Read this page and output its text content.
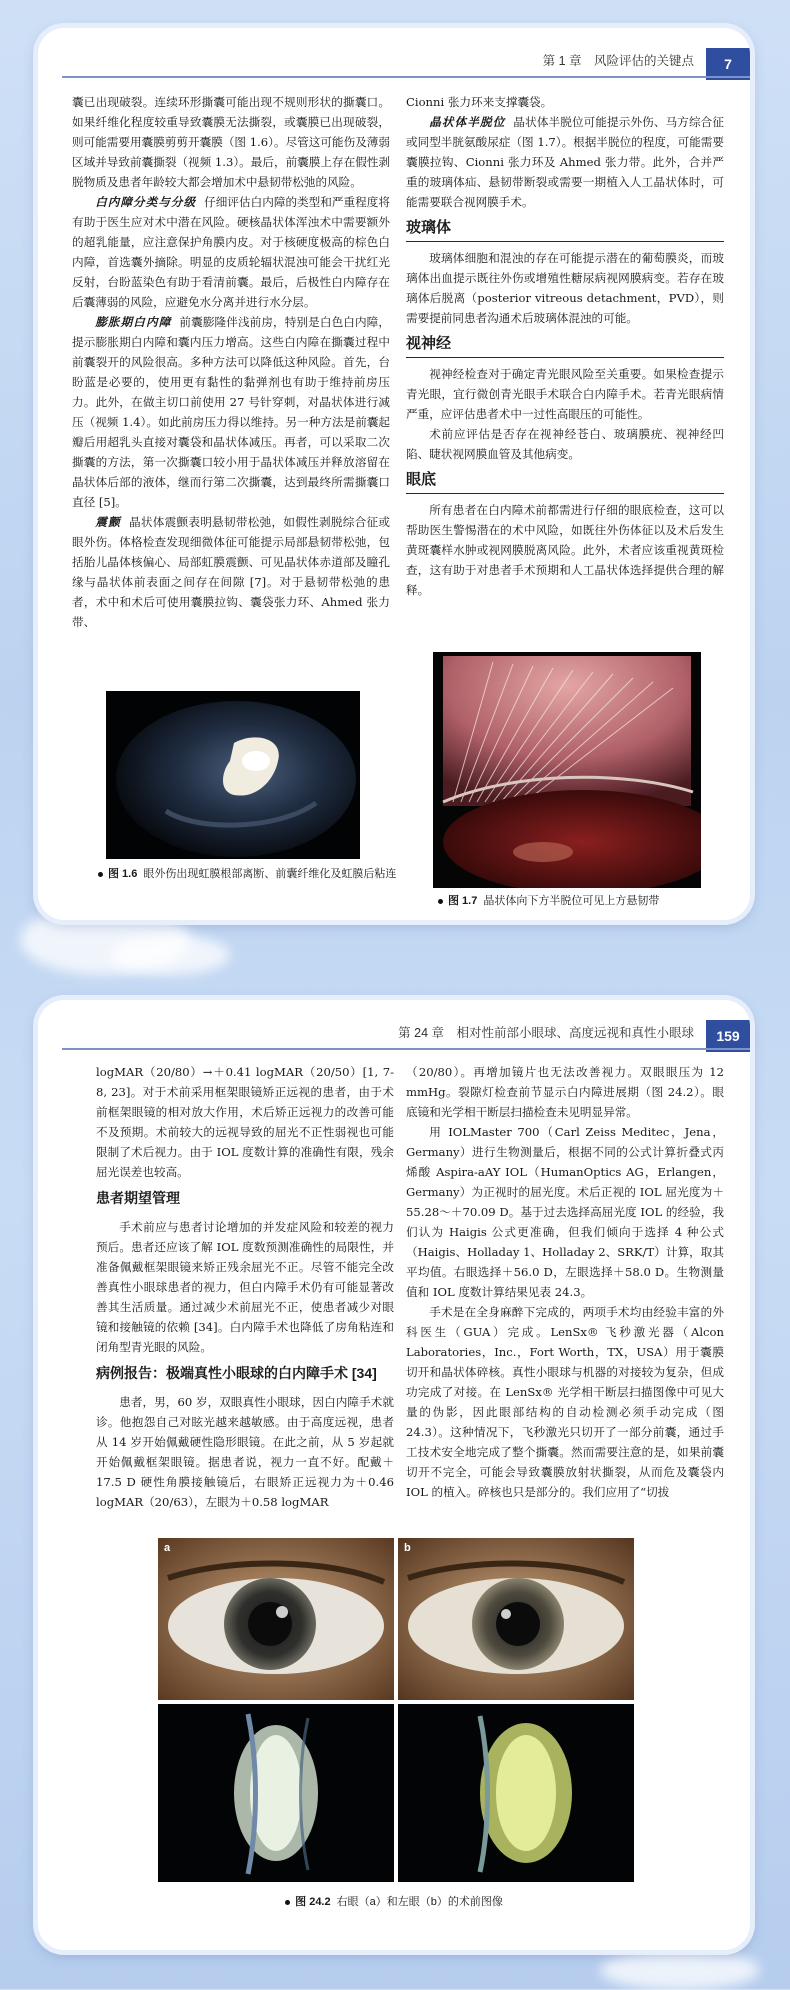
第 1 章　风险评估的关键点	7

囊已出现破裂。连续环形撕囊可能出现不规则形状的撕囊口。如果纤维化程度较重导致囊膜无法撕裂，或囊膜已出现破裂，则可能需要用囊膜剪剪开囊膜（图 1.6）。尽管这可能伤及薄弱区域并导致前囊撕裂（视频 1.3）。最后，前囊膜上存在假性剥脱物质及患者年龄较大都会增加术中悬韧带松弛的风险。

白内障分类与分级 仔细评估白内障的类型和严重程度将有助于医生应对术中潜在风险。硬核晶状体浑浊术中需要额外的超乳能量，应注意保护角膜内皮。对于核硬度极高的棕色白内障，首选囊外摘除。明显的皮质轮辐状混浊可能会干扰红光反射，台盼蓝染色有助于看清前囊。最后，后极性白内障存在后囊薄弱的风险，应避免水分离并进行水分层。

膨胀期白内障 前囊膨隆伴浅前房，特别是白色白内障，提示膨胀期白内障和囊内压力增高。这些白内障在撕囊过程中前囊裂开的风险很高。多种方法可以降低这种风险。首先，台盼蓝是必要的，使用更有黏性的黏弹剂也有助于维持前房压力。此外，在做主切口前使用 27 号针穿刺，对晶状体进行减压（视频 1.4）。如此前房压力得以维持。另一种方法是前囊起瓣后用超乳头直接对囊袋和晶状体减压。再者，可以采取二次撕囊的方法，第一次撕囊口较小用于晶状体减压并释放溶留在晶状体后部的液体，继而行第二次撕囊，达到最终所需撕囊口直径 [5]。

震颤 晶状体震颤表明悬韧带松弛，如假性剥脱综合征或眼外伤。体格检查发现细微体征可能提示局部悬韧带松弛，包括胎儿晶体核偏心、局部虹膜震颤、可见晶状体赤道部及瞳孔缘与晶状体前表面之间存在间隙 [7]。对于悬韧带松弛的患者，术中和术后可使用囊膜拉钩、囊袋张力环、Ahmed 张力带、

图 1.6 眼外伤出现虹膜根部离断、前囊纤维化及虹膜后粘连

Cionni 张力环来支撑囊袋。

晶状体半脱位 晶状体半脱位可能提示外伤、马方综合征或同型半胱氨酸尿症（图 1.7）。根据半脱位的程度，可能需要囊膜拉钩、Cionni 张力环及 Ahmed 张力带。此外，合并严重的玻璃体疝、悬韧带断裂或需要一期植入人工晶状体时，可能需要联合视网膜手术。

玻璃体

玻璃体细胞和混浊的存在可能提示潜在的葡萄膜炎，而玻璃体出血提示既往外伤或增殖性糖尿病视网膜病变。若存在玻璃体后脱离（posterior vitreous detachment，PVD），则需要提前同患者沟通术后玻璃体混浊的可能。

视神经

视神经检查对于确定青光眼风险至关重要。如果检查提示青光眼，宜行微创青光眼手术联合白内障手术。若青光眼病情严重，应评估患者术中一过性高眼压的可能性。

术前应评估是否存在视神经苍白、玻璃膜疣、视神经凹陷、睫状视网膜血管及其他病变。

眼底

所有患者在白内障术前都需进行仔细的眼底检查，这可以帮助医生警惕潜在的术中风险，如既往外伤体征以及术后发生黄斑囊样水肿或视网膜脱离风险。此外，术者应该重视黄斑检查，这有助于对患者手术预期和人工晶状体选择提供合理的解释。

图 1.7 晶状体向下方半脱位可见上方悬韧带
第 24 章　相对性前部小眼球、高度远视和真性小眼球	159

logMAR（20/80）→＋0.41 logMAR（20/50）[1, 7-8, 23]。对于术前采用框架眼镜矫正远视的患者，由于术前框架眼镜的相对放大作用，术后矫正远视力的改善可能不及预期。术前较大的远视导致的屈光不正性弱视也可能限制了术后视力。由于 IOL 度数计算的准确性有限，残余屈光误差也较高。

患者期望管理

手术前应与患者讨论增加的并发症风险和较差的视力预后。患者还应该了解 IOL 度数预测准确性的局限性，并准备佩戴框架眼镜来矫正残余屈光不正。尽管不能完全改善真性小眼球患者的视力，但白内障手术仍有可能显著改善其生活质量。通过减少术前屈光不正，使患者减少对眼镜和接触镜的依赖 [34]。白内障手术也降低了房角粘连和闭角型青光眼的风险。

病例报告：极端真性小眼球的白内障手术 [34]

患者，男，60 岁，双眼真性小眼球，因白内障手术就诊。他抱怨自己对眩光越来越敏感。由于高度远视，患者从 14 岁开始佩戴硬性隐形眼镜。在此之前，从 5 岁起就开始佩戴框架眼镜。据患者说，视力一直不好。配戴＋17.5 D 硬性角膜接触镜后，右眼矫正远视力为＋0.46 logMAR（20/63），左眼为＋0.58 logMAR

（20/80）。再增加镜片也无法改善视力。双眼眼压为 12 mmHg。裂隙灯检查前节显示白内障进展期（图 24.2）。眼底镜和光学相干断层扫描检查未见明显异常。

用 IOLMaster 700（Carl Zeiss Meditec，Jena，Germany）进行生物测量后，根据不同的公式计算折叠式丙烯酸 Aspira-aAY IOL（HumanOptics AG，Erlangen，Germany）为正视时的屈光度。术后正视的 IOL 屈光度为＋55.28～＋70.09 D。基于过去选择高屈光度 IOL 的经验，我们认为 Haigis 公式更准确，但我们倾向于选择 4 种公式（Haigis、Holladay 1、Holladay 2、SRK/T）计算，取其平均值。右眼选择＋56.0 D，左眼选择＋58.0 D。生物测量值和 IOL 度数计算结果见表 24.3。

手术是在全身麻醉下完成的，两项手术均由经验丰富的外科医生（GUA）完成。LenSx® 飞秒激光器（Alcon Laboratories，Inc.，Fort Worth，TX，USA）用于囊膜切开和晶状体碎核。真性小眼球与机器的对接较为复杂，但成功完成了对接。在 LenSx® 光学相干断层扫描图像中可见大量的伪影，因此眼部结构的自动检测必须手动完成（图 24.3）。这种情况下，飞秒激光只切开了一部分前囊，通过手工技术安全地完成了整个撕囊。然而需要注意的是，如果前囊切开不完全，可能会导致囊膜放射状撕裂，从而危及囊袋内 IOL 的植入。碎核也只是部分的。我们应用了“切拔

a	b
图 24.2 右眼（a）和左眼（b）的术前图像
